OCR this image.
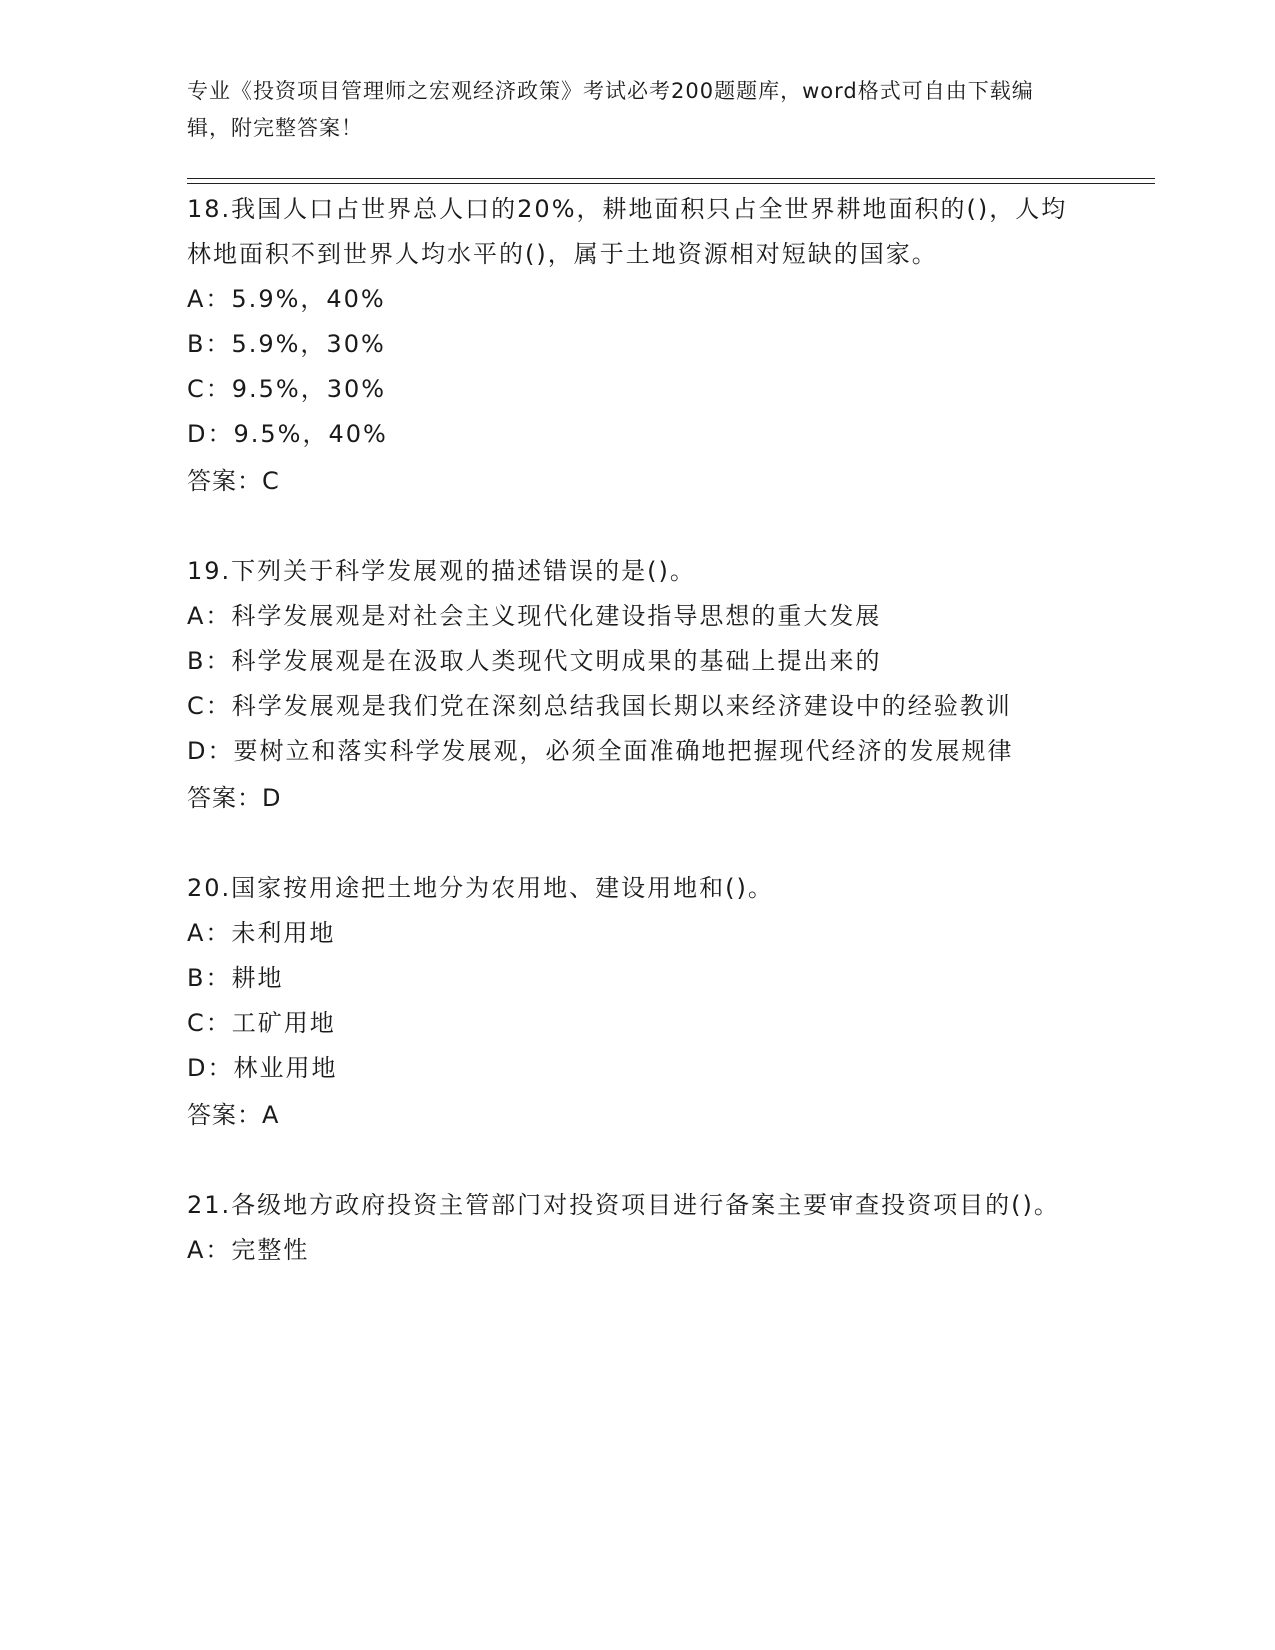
专业《投资项目管理师之宏观经济政策》考试必考200题题库，word格式可自由下载编辑，附完整答案！

18.我国人口占世界总人口的20%，耕地面积只占全世界耕地面积的()，人均林地面积不到世界人均水平的()，属于土地资源相对短缺的国家。

A：5.9%，40%

B：5.9%，30%

C：9.5%，30%

D：9.5%，40%

答案：C

19.下列关于科学发展观的描述错误的是()。

A：科学发展观是对社会主义现代化建设指导思想的重大发展

B：科学发展观是在汲取人类现代文明成果的基础上提出来的

C：科学发展观是我们党在深刻总结我国长期以来经济建设中的经验教训

D：要树立和落实科学发展观，必须全面准确地把握现代经济的发展规律

答案：D

20.国家按用途把土地分为农用地、建设用地和()。

A：未利用地

B：耕地

C：工矿用地

D：林业用地

答案：A

21.各级地方政府投资主管部门对投资项目进行备案主要审查投资项目的()。

A：完整性
